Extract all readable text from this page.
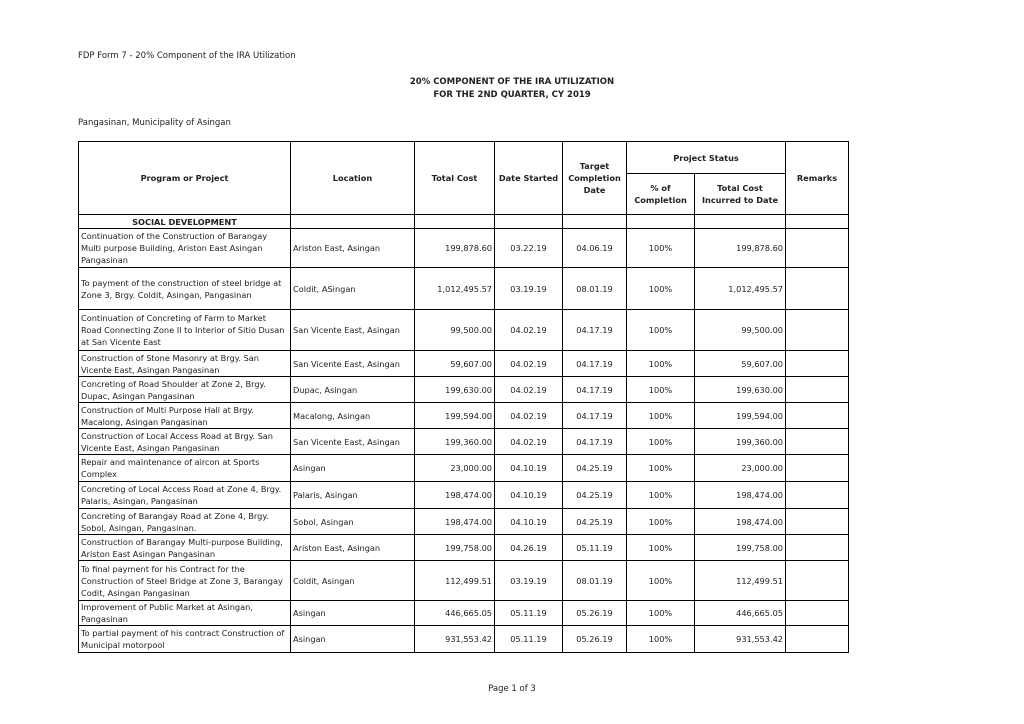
FDP Form 7 - 20% Component of the IRA Utilization
20% COMPONENT OF THE IRA UTILIZATION
FOR THE 2ND QUARTER, CY 2019
Pangasinan, Municipality of Asingan
Program or Project	Location	Total Cost	Date Started	Target Completion Date	Project Status		Remarks
					% of Completion	Total Cost Incurred to Date	
SOCIAL DEVELOPMENT							
Continuation of the Construction of Barangay Multi purpose Building, Ariston East Asingan Pangasinan	Ariston East, Asingan	199,878.60	03.22.19	04.06.19	100%	199,878.60	
To payment of the construction of steel bridge at Zone 3, Brgy. Coldit, Asingan, Pangasinan	Coldit, ASingan	1,012,495.57	03.19.19	08.01.19	100%	1,012,495.57	
Continuation of Concreting of Farm to Market Road Connecting Zone II to Interior of Sitio Dusan at San Vicente East	San Vicente East, Asingan	99,500.00	04.02.19	04.17.19	100%	99,500.00	
Construction of Stone Masonry at Brgy. San Vicente East, Asingan Pangasinan	San Vicente East, Asingan	59,607.00	04.02.19	04.17.19	100%	59,607.00	
Concreting of Road Shoulder at Zone 2, Brgy. Dupac, Asingan Pangasinan	Dupac, Asingan	199,630.00	04.02.19	04.17.19	100%	199,630.00	
Construction of Multi Purpose Hall at Brgy. Macalong, Asingan Pangasinan	Macalong, Asingan	199,594.00	04.02.19	04.17.19	100%	199,594.00	
Construction of Local Access Road at Brgy. San Vicente East, Asingan Pangasinan	San Vicente East, Asingan	199,360.00	04.02.19	04.17.19	100%	199,360.00	
Repair and maintenance of aircon at Sports Complex	Asingan	23,000.00	04.10.19	04.25.19	100%	23,000.00	
Concreting of Local Access Road at Zone 4, Brgy. Palaris, Asingan, Pangasinan	Palaris, Asingan	198,474.00	04.10.19	04.25.19	100%	198,474.00	
Concreting of Barangay Road at Zone 4, Brgy. Sobol, Asingan, Pangasinan.	Sobol, Asingan	198,474.00	04.10.19	04.25.19	100%	198,474.00	
Construction of Barangay Multi-purpose Building, Ariston East Asingan Pangasinan	Ariston East, Asingan	199,758.00	04.26.19	05.11.19	100%	199,758.00	
To final payment for his Contract for the Construction of Steel Bridge at Zone 3, Barangay Codit, Asingan Pangasinan	Coldit, Asingan	112,499.51	03.19.19	08.01.19	100%	112,499.51	
Improvement of Public Market at Asingan, Pangasinan	Asingan	446,665.05	05.11.19	05.26.19	100%	446,665.05	
To partial payment of his contract Construction of Municipal motorpool	Asingan	931,553.42	05.11.19	05.26.19	100%	931,553.42	
Page 1 of 3
